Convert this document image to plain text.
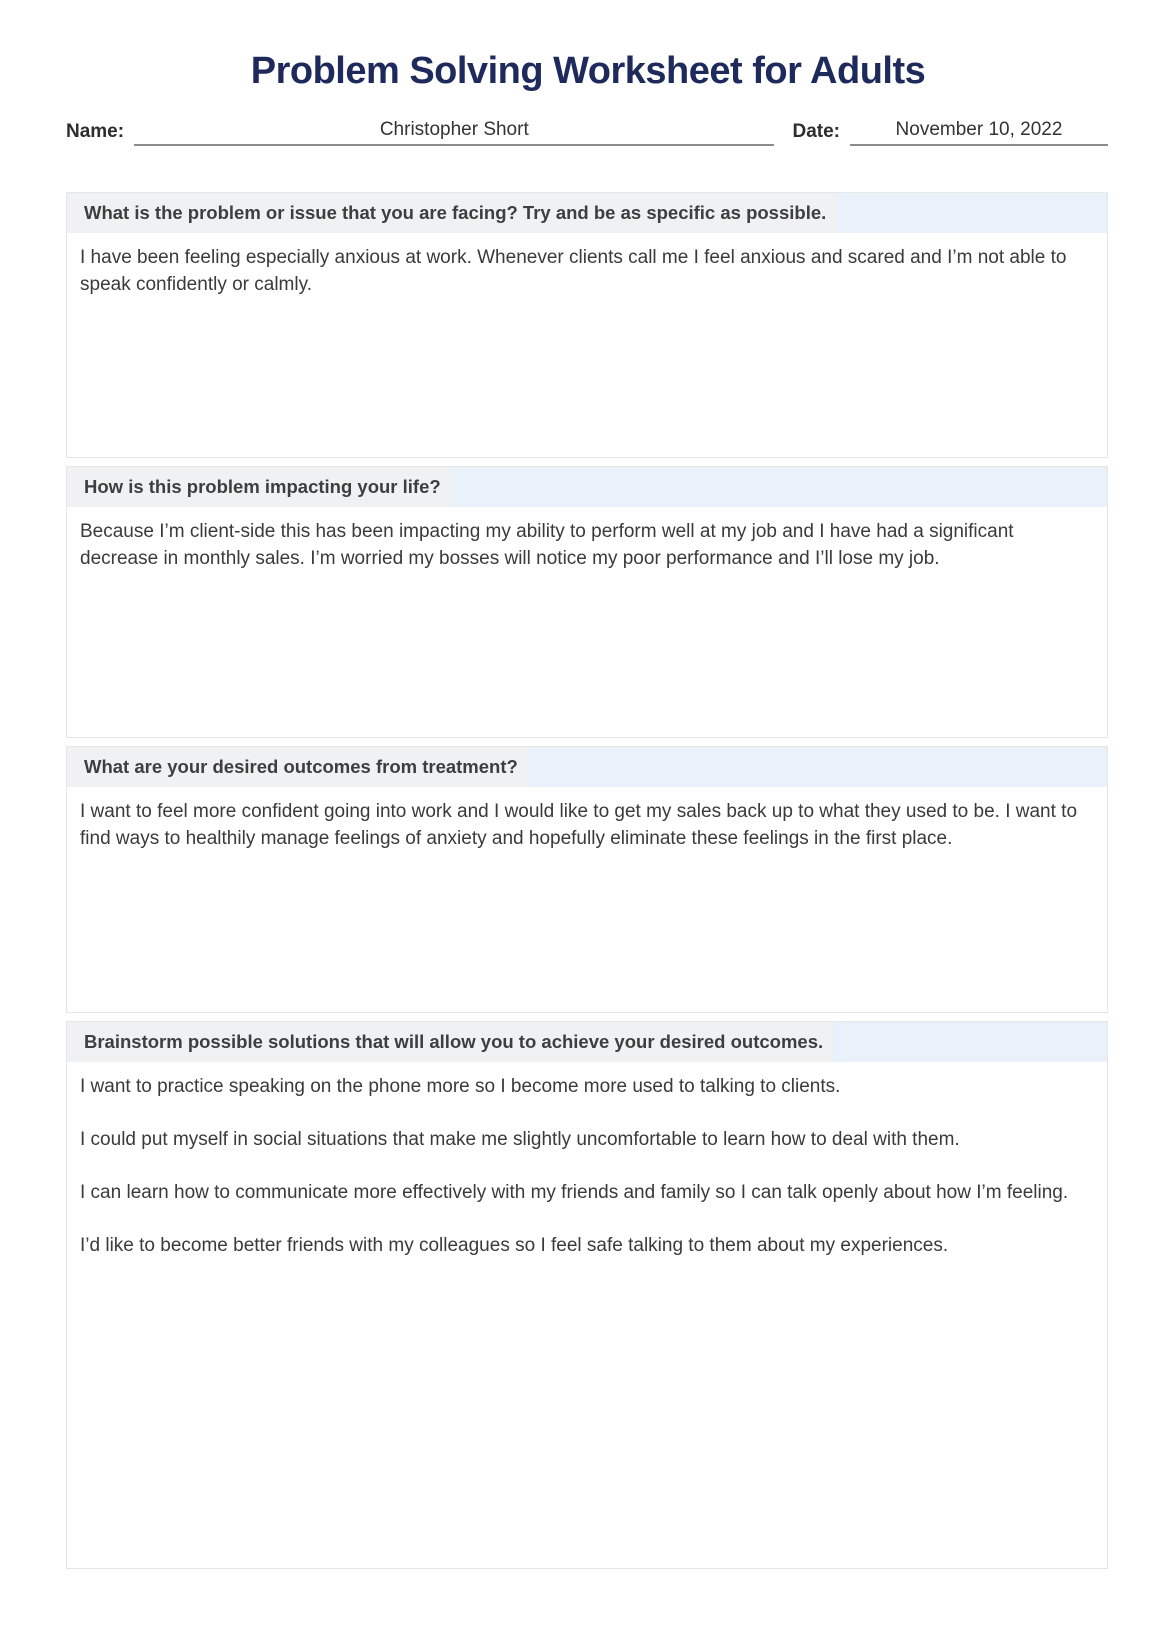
Problem Solving Worksheet for Adults
Name:	Christopher Short	Date:	November 10, 2022
What is the problem or issue that you are facing? Try and be as specific as possible.

I have been feeling especially anxious at work. Whenever clients call me I feel anxious and scared and I’m not able to speak confidently or calmly.

How is this problem impacting your life?

Because I’m client-side this has been impacting my ability to perform well at my job and I have had a significant decrease in monthly sales. I’m worried my bosses will notice my poor performance and I’ll lose my job.

What are your desired outcomes from treatment?

I want to feel more confident going into work and I would like to get my sales back up to what they used to be. I want to find ways to healthily manage feelings of anxiety and hopefully eliminate these feelings in the first place.

Brainstorm possible solutions that will allow you to achieve your desired outcomes.

I want to practice speaking on the phone more so I become more used to talking to clients.

I could put myself in social situations that make me slightly uncomfortable to learn how to deal with them.

I can learn how to communicate more effectively with my friends and family so I can talk openly about how I’m feeling.

I’d like to become better friends with my colleagues so I feel safe talking to them about my experiences.
